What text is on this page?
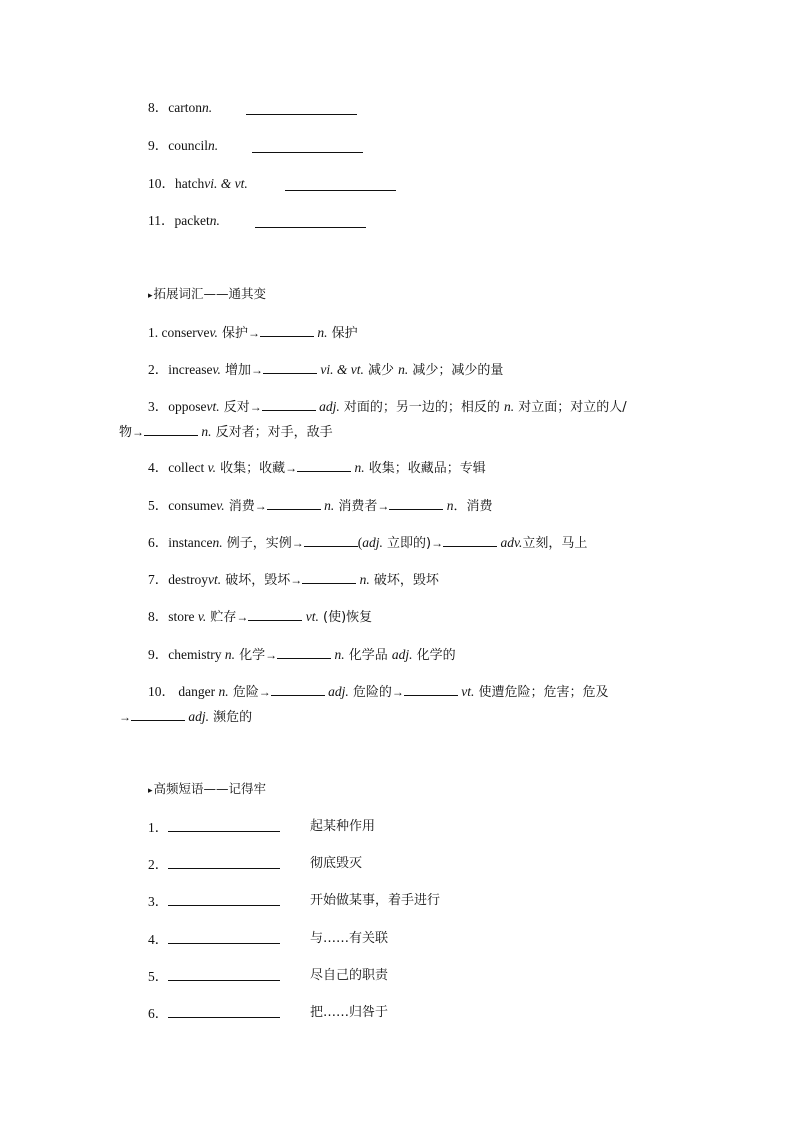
8．cartonn.
9．counciln.
10．hatchvi. & vt.
11．packetn.
▸拓展词汇——通其变
1. conservev. 保护→	n. 保护
2．increasev. 增加→	vi. & vt. 减少 n. 减少；减少的量
3．opposevt. 反对→	adj. 对面的；另一边的；相反的 n. 对立面；对立的人/
物→	n. 反对者；对手，敌手
4．collect v. 收集；收藏→	n. 收集；收藏品；专辑
5．consumev. 消费→	n. 消费者→	n．消费
6．instancen. 例子，实例→	(adj. 立即的)→	adv.立刻，马上
7．destroyvt. 破坏，毁坏→	n. 破坏，毁坏
8．store v. 贮存→	vt. (使)恢复
9．chemistry n. 化学→	n. 化学品 adj. 化学的
10． danger n. 危险→	adj. 危险的→	vt. 使遭危险；危害；危及
→	adj. 濒危的
▸高频短语——记得牢
1．	起某种作用
2．	彻底毁灭
3．	开始做某事，着手进行
4．	与……有关联
5．	尽自己的职责
6．	把……归咎于
